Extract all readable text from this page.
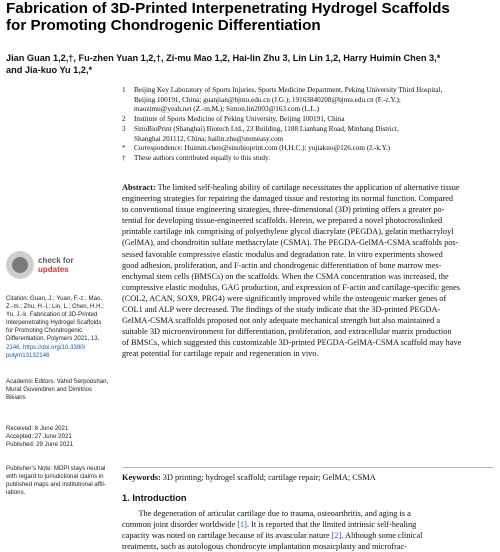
Fabrication of 3D-Printed Interpenetrating Hydrogel Scaffolds
for Promoting Chondrogenic Differentiation
Jian Guan 1,2,†, Fu-zhen Yuan 1,2,†, Zi-mu Mao 1,2, Hai-lin Zhu 3, Lin Lin 1,2, Harry Huimin Chen 3,*
and Jia-kuo Yu 1,2,*
1 Beijing Key Laboratory of Sports Injuries, Sports Medicine Department, Peking University Third Hospital,
Beijing 100191, China; guanjian@bjmu.edu.cn (J.G.); 19163840208@bjmu.edu.cn (F.-z.Y.);
maozimu@yeah.net (Z.-m.M.); Simon.lin2003@163.com (L.L.)
2 Institute of Sports Medicine of Peking University, Beijing 100191, China
3 SinoBioPrint (Shanghai) Biotech Ltd., 23 Building, 1188 Lianhang Road, Minhang District,
Shanghai 201112, China; hailin.zhu@stemeasy.com
* Correspondence: Huimin.chen@sinobioprint.com (H.H.C.); yujiakuo@126.com (J.-k.Y.)
† These authors contributed equally to this study.
Abstract: The limited self-healing ability of cartilage necessitates the application of alternative tissue
engineering strategies for repairing the damaged tissue and restoring its normal function. Compared
to conventional tissue engineering strategies, three-dimensional (3D) printing offers a greater po-
tential for developing tissue-engineered scaffolds. Herein, we prepared a novel photocrosslinked
printable cartilage ink comprising of polyethylene glycol diacrylate (PEGDA), gelatin methacryloyl
(GelMA), and chondroitin sulfate methacrylate (CSMA). The PEGDA-GelMA-CSMA scaffolds pos-
sessed favorable compressive elastic modulus and degradation rate. In vitro experiments showed
good adhesion, proliferation, and F-actin and chondrogenic differentiation of bone marrow mes-
enchymal stem cells (BMSCs) on the scaffolds. When the CSMA concentration was increased, the
compressive elastic modulus, GAG production, and expression of F-actin and cartilage-specific genes
(COL2, ACAN, SOX9, PRG4) were significantly improved while the osteogenic marker genes of
COL1 and ALP were decreased. The findings of the study indicate that the 3D-printed PEGDA-
GelMA-CSMA scaffolds proposed not only adequate mechanical strength but also maintained a
suitable 3D microenvironment for differentiation, proliferation, and extracellular matrix production
of BMSCs, which suggested this customizable 3D-printed PEGDA-GelMA-CSMA scaffold may have
great potential for cartilage repair and regeneration in vivo.
Keywords: 3D printing; hydrogel scaffold; cartilage repair; GelMA; CSMA
1. Introduction
The degeneration of articular cartilage due to trauma, osteoarthritis, and aging is a
common joint disorder worldwide [1]. It is reported that the limited intrinsic self-healing
capacity was noted on cartilage because of its avascular nature [2]. Although some clinical
treatments, such as autologous chondrocyte implantation mosaicplasty and microfrac-
check for
updates
Citation: Guan, J.; Yuan, F.-z.; Mao,
Z.-m.; Zhu, H.-l.; Lin, L.; Chen, H.H.;
Yu, J.-k. Fabrication of 3D-Printed
Interpenetrating Hydrogel Scaffolds
for Promoting Chondrogenic
Differentiation. Polymers 2021, 13,
2146. https://doi.org/10.3390/
polym13132146
Academic Editors: Vahid Serpooshan,
Murat Guvendiren and Dimitrios
Bikiaris
Received: 8 June 2021
Accepted: 27 June 2021
Published: 29 June 2021
Publisher’s Note: MDPI stays neutral
with regard to jurisdictional claims in
published maps and institutional affil-
iations.
